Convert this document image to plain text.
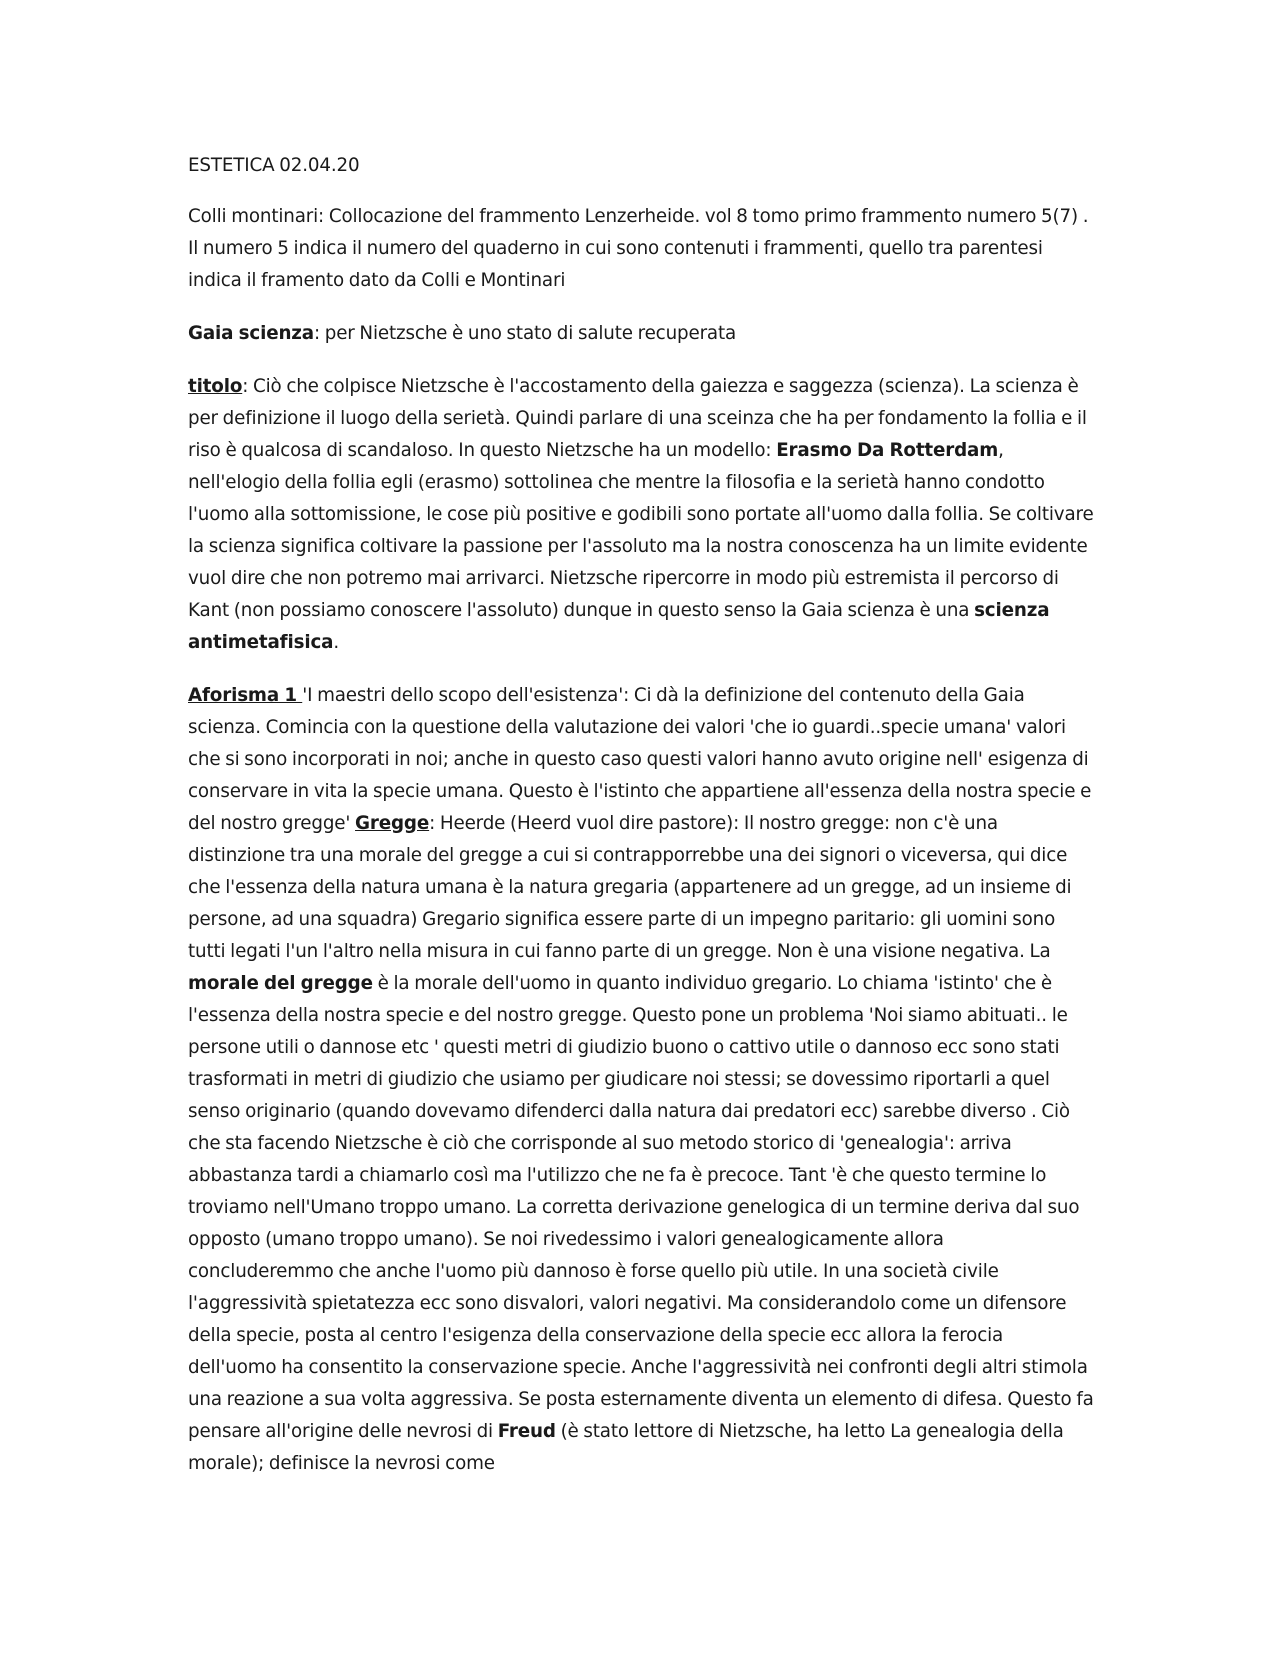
ESTETICA 02.04.20

Colli montinari: Collocazione del frammento Lenzerheide. vol 8 tomo primo frammento numero 5(7) . Il numero 5 indica il numero del quaderno in cui sono contenuti i frammenti, quello tra parentesi indica il framento dato da Colli e Montinari

Gaia scienza: per Nietzsche è uno stato di salute recuperata

titolo: Ciò che colpisce Nietzsche è l'accostamento della gaiezza e saggezza (scienza). La scienza è per definizione il luogo della serietà. Quindi parlare di una sceinza che ha per fondamento la follia e il riso è qualcosa di scandaloso. In questo Nietzsche ha un modello: Erasmo Da Rotterdam, nell'elogio della follia egli (erasmo) sottolinea che mentre la filosofia e la serietà hanno condotto l'uomo alla sottomissione, le cose più positive e godibili sono portate all'uomo dalla follia. Se coltivare la scienza significa coltivare la passione per l'assoluto ma la nostra conoscenza ha un limite evidente vuol dire che non potremo mai arrivarci. Nietzsche ripercorre in modo più estremista il percorso di Kant (non possiamo conoscere l'assoluto) dunque in questo senso la Gaia scienza è una scienza antimetafisica.

Aforisma 1 'I maestri dello scopo dell'esistenza': Ci dà la definizione del contenuto della Gaia scienza. Comincia con la questione della valutazione dei valori 'che io guardi..specie umana' valori che si sono incorporati in noi; anche in questo caso questi valori hanno avuto origine nell' esigenza di conservare in vita la specie umana. Questo è l'istinto che appartiene all'essenza della nostra specie e del nostro gregge' Gregge: Heerde (Heerd vuol dire pastore): Il nostro gregge: non c'è una distinzione tra una morale del gregge a cui si contrapporrebbe una dei signori o viceversa, qui dice che l'essenza della natura umana è la natura gregaria (appartenere ad un gregge, ad un insieme di persone, ad una squadra) Gregario significa essere parte di un impegno paritario: gli uomini sono tutti legati l'un l'altro nella misura in cui fanno parte di un gregge. Non è una visione negativa. La morale del gregge è la morale dell'uomo in quanto individuo gregario. Lo chiama 'istinto' che è l'essenza della nostra specie e del nostro gregge. Questo pone un problema 'Noi siamo abituati.. le persone utili o dannose etc ' questi metri di giudizio buono o cattivo utile o dannoso ecc sono stati trasformati in metri di giudizio che usiamo per giudicare noi stessi; se dovessimo riportarli a quel senso originario (quando dovevamo difenderci dalla natura dai predatori ecc) sarebbe diverso . Ciò che sta facendo Nietzsche è ciò che corrisponde al suo metodo storico di 'genealogia': arriva abbastanza tardi a chiamarlo così ma l'utilizzo che ne fa è precoce. Tant 'è che questo termine lo troviamo nell'Umano troppo umano. La corretta derivazione genelogica di un termine deriva dal suo opposto (umano troppo umano). Se noi rivedessimo i valori genealogicamente allora concluderemmo che anche l'uomo più dannoso è forse quello più utile. In una società civile l'aggressività spietatezza ecc sono disvalori, valori negativi. Ma considerandolo come un difensore della specie, posta al centro l'esigenza della conservazione della specie ecc allora la ferocia dell'uomo ha consentito la conservazione specie. Anche l'aggressività nei confronti degli altri stimola una reazione a sua volta aggressiva. Se posta esternamente diventa un elemento di difesa. Questo fa pensare all'origine delle nevrosi di Freud (è stato lettore di Nietzsche, ha letto La genealogia della morale); definisce la nevrosi come
